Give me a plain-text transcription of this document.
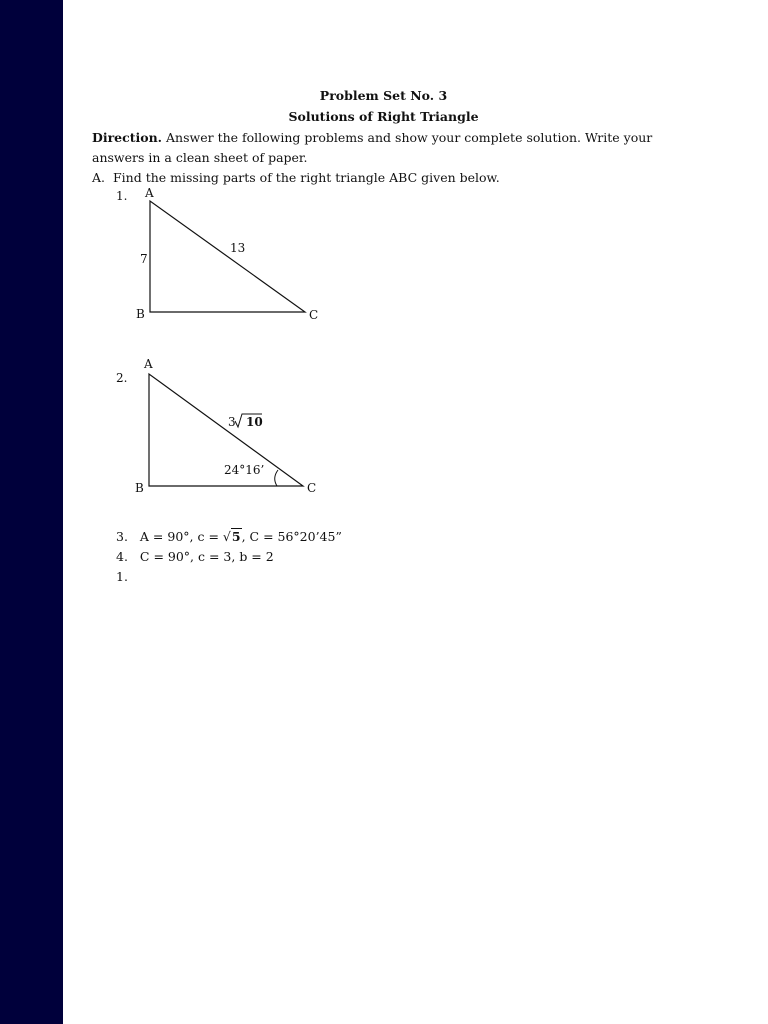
Problem Set No. 3
Solutions of Right Triangle
Direction. Answer the following problems and show your complete solution. Write your
answers in a clean sheet of paper.
A. Find the missing parts of the right triangle ABC given below.
1. A
B	C
7
13
A
B	C
24°16’
3 10
2.
3. A = 90°, c = √5, C = 56°20’45”
4. C = 90°, c = 3, b = 2
1.
